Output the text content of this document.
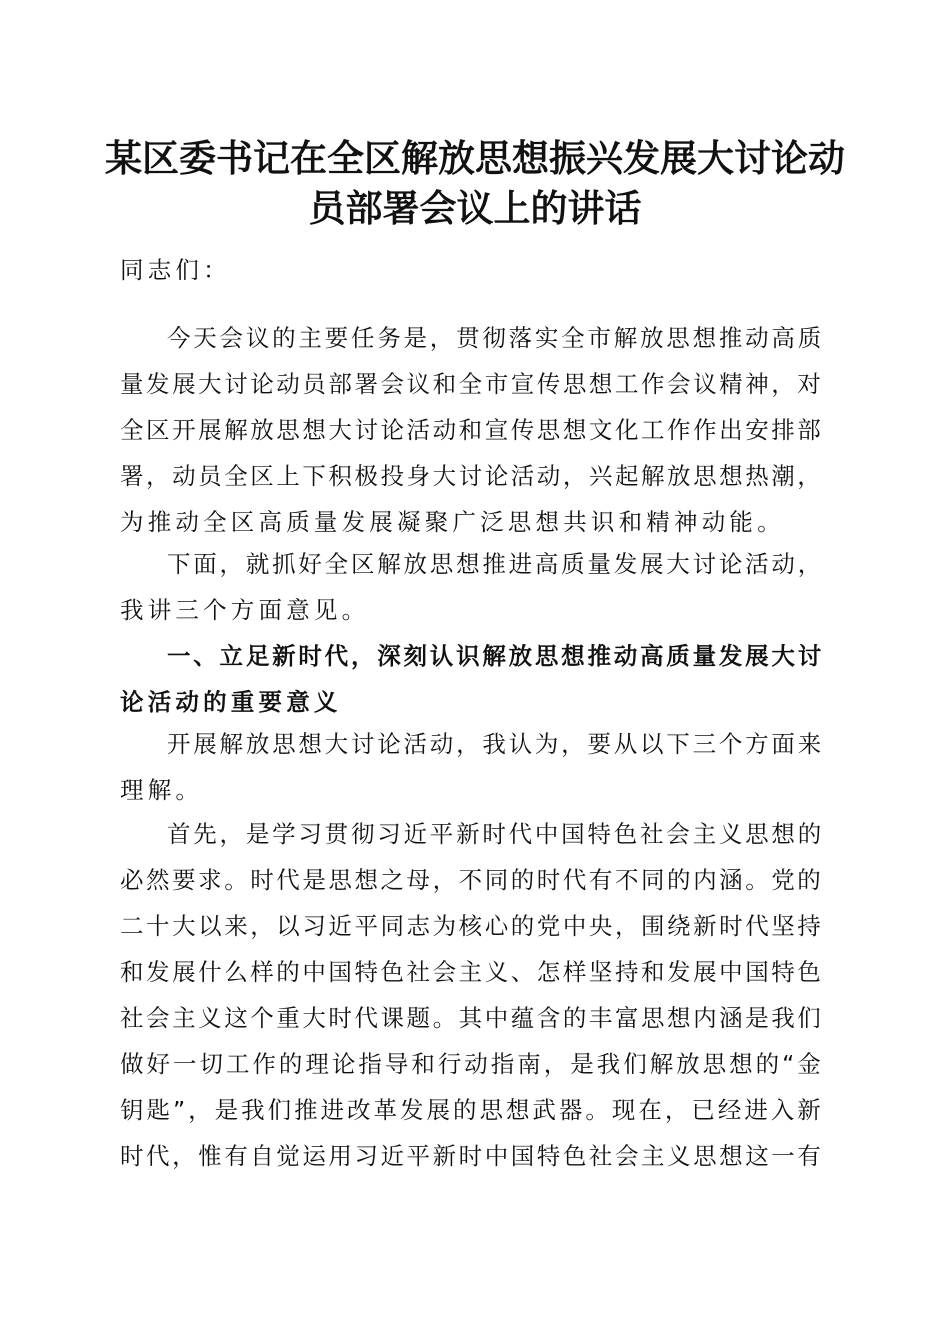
某区委书记在全区解放思想振兴发展大讨论动
员部署会议上的讲话
同志们：
今天会议的主要任务是，贯彻落实全市解放思想推动高质
量发展大讨论动员部署会议和全市宣传思想工作会议精神，对
全区开展解放思想大讨论活动和宣传思想文化工作作出安排部
署，动员全区上下积极投身大讨论活动，兴起解放思想热潮，
为推动全区高质量发展凝聚广泛思想共识和精神动能。
下面，就抓好全区解放思想推进高质量发展大讨论活动，
我讲三个方面意见。
一、立足新时代，深刻认识解放思想推动高质量发展大讨
论活动的重要意义
开展解放思想大讨论活动，我认为，要从以下三个方面来
理解。
首先，是学习贯彻习近平新时代中国特色社会主义思想的
必然要求。时代是思想之母，不同的时代有不同的内涵。党的
二十大以来，以习近平同志为核心的党中央，围绕新时代坚持
和发展什么样的中国特色社会主义、怎样坚持和发展中国特色
社会主义这个重大时代课题。其中蕴含的丰富思想内涵是我们
做好一切工作的理论指导和行动指南，是我们解放思想的“金
钥匙”，是我们推进改革发展的思想武器。现在，已经进入新
时代，惟有自觉运用习近平新时中国特色社会主义思想这一有
